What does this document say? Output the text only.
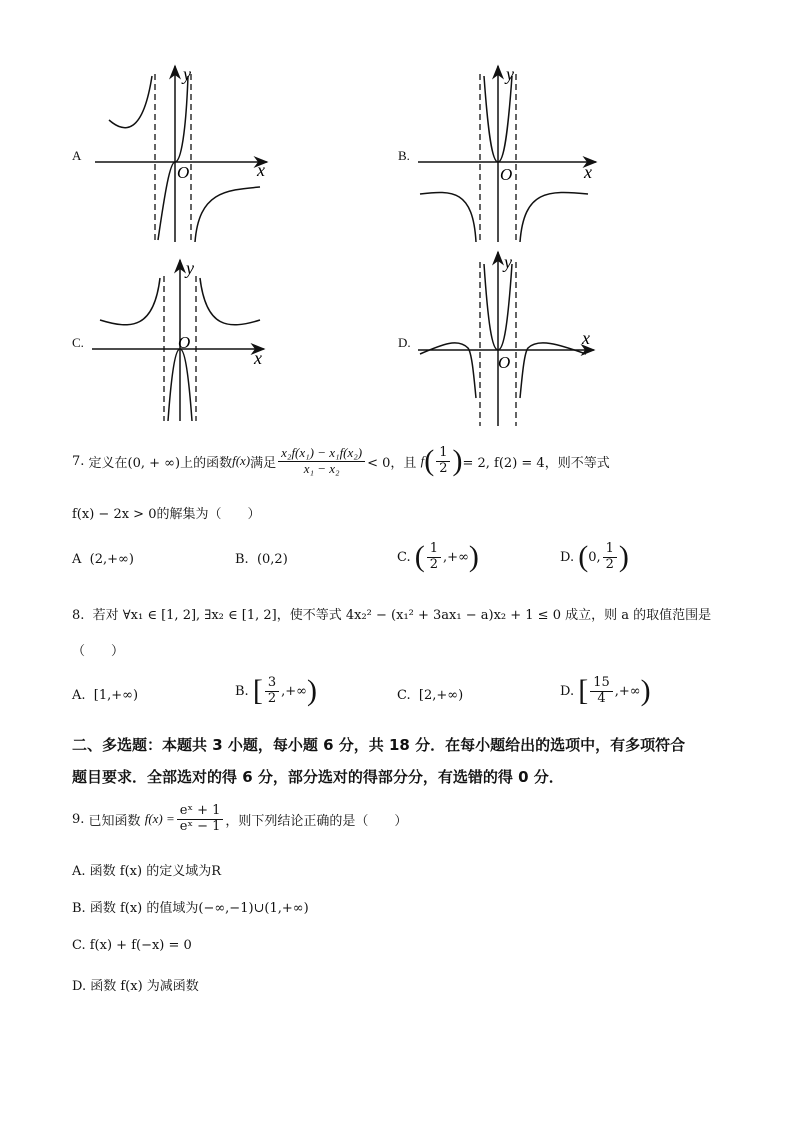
A
x
y
O
B.
x
y
O
C.
x
y
O	D.	x
y
O
7.
定义在(0, + ∞)上的函数 f(x) 满足 $\frac{\text{x₂f(x₁) − x₁f(x₂)}}{\text{x₁ − x₂}} < 0$，且
f ( $\frac{1}{2}$ ) = 2, f(2) = 4，则不等式
f(x) − 2x > 0的解集为（　　）
A (2,+∞)	B. (0,2)	C.
( $\frac{1}{2}$ ,+∞ )	D.
( 0, $\frac{1}{2}$ )
8. 若对 ∀x₁ ∈ [1, 2], ∃x₂ ∈ [1, 2]，使不等式 4x₂² − (x₁² + 3ax₁ − a)x₂ + 1 ≤ 0 成立，则 a 的取值范围是
（　　）
A. [1,+∞)	B.
[ $\frac{3}{2}$ ,+∞ )	C. [2,+∞)	D.
[ $\frac{15}{4}$ ,+∞ )
二、多选题：本题共 3 小题，每小题 6 分，共 18 分．在每小题给出的选项中，有多项符合
题目要求．全部选对的得 6 分，部分选对的得部分分，有选错的得 0 分．
9.
已知函数
$f(x) = \frac{\text{eˣ + 1}}{\text{eˣ − 1}}$ ，则下列结论正确的是（　　）
A. 函数 f(x) 的定义域为R
B. 函数 f(x) 的值域为(−∞,−1)∪(1,+∞)
C. f(x) + f(−x) = 0
D. 函数 f(x) 为减函数
